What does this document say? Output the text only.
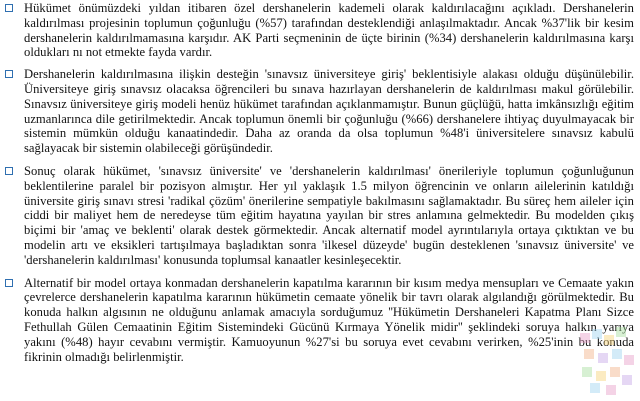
Hükümet önümüzdeki yıldan itibaren özel dershanelerin kademeli olarak kaldırılacağını açıkladı. Dershanelerin kaldırılması projesinin toplumun çoğunluğu (%57) tarafından desteklendiği anlaşılmaktadır. Ancak %37'lik bir kesim dershanelerin kaldırılmamasına karşıdır. AK Parti seçmeninin de üçte birinin (%34) dershanelerin kaldırılmasına karşı oldukları nı not etmekte fayda vardır.

Dershanelerin kaldırılmasına ilişkin desteğin 'sınavsız üniversiteye giriş' beklentisiyle alakası olduğu düşünülebilir. Üniversiteye giriş sınavsız olacaksa öğrencileri bu sınava hazırlayan dershanelerin de kaldırılması makul görülebilir. Sınavsız üniversiteye giriş modeli henüz hükümet tarafından açıklanmamıştır. Bunun güçlüğü, hatta imkânsızlığı eğitim uzmanlarınca dile getirilmektedir. Ancak toplumun önemli bir çoğunluğu (%66) dershanelere ihtiyaç duyulmayacak bir sistemin mümkün olduğu kanaatindedir. Daha az oranda da olsa toplumun %48'i üniversitelere sınavsız kabulü sağlayacak bir sistemin olabileceği görüşündedir.

Sonuç olarak hükümet, 'sınavsız üniversite' ve 'dershanelerin kaldırılması' önerileriyle toplumun çoğunluğunun beklentilerine paralel bir pozisyon almıştır. Her yıl yaklaşık 1.5 milyon öğrencinin ve onların ailelerinin katıldığı üniversite giriş sınavı stresi 'radikal çözüm' önerilerine sempatiyle bakılmasını sağlamaktadır. Bu süreç hem aileler için ciddi bir maliyet hem de neredeyse tüm eğitim hayatına yayılan bir stres anlamına gelmektedir. Bu modelden çıkış biçimi bir 'amaç ve beklenti' olarak destek görmektedir. Ancak alternatif model ayrıntılarıyla ortaya çıktıktan ve bu modelin artı ve eksikleri tartışılmaya başladıktan sonra 'ilkesel düzeyde' bugün desteklenen 'sınavsız üniversite' ve 'dershanelerin kaldırılması' konusunda toplumsal kanaatler kesinleşecektir.

Alternatif bir model ortaya konmadan dershanelerin kapatılma kararının bir kısım medya mensupları ve Cemaate yakın çevrelerce dershanelerin kapatılma kararının hükümetin cemaate yönelik bir tavrı olarak algılandığı görülmektedir. Bu konuda halkın algısının ne olduğunu anlamak amacıyla sorduğumuz ''Hükümetin Dershaneleri Kapatma Planı Sizce Fethullah Gülen Cemaatinin Eğitim Sistemindeki Gücünü Kırmaya Yönelik midir'' şeklindeki soruya halkın yarıya yakını (%48) hayır cevabını vermiştir. Kamuoyunun %27'si bu soruya evet cevabını verirken, %25'inin bu konuda fikrinin olmadığı belirlenmiştir.
